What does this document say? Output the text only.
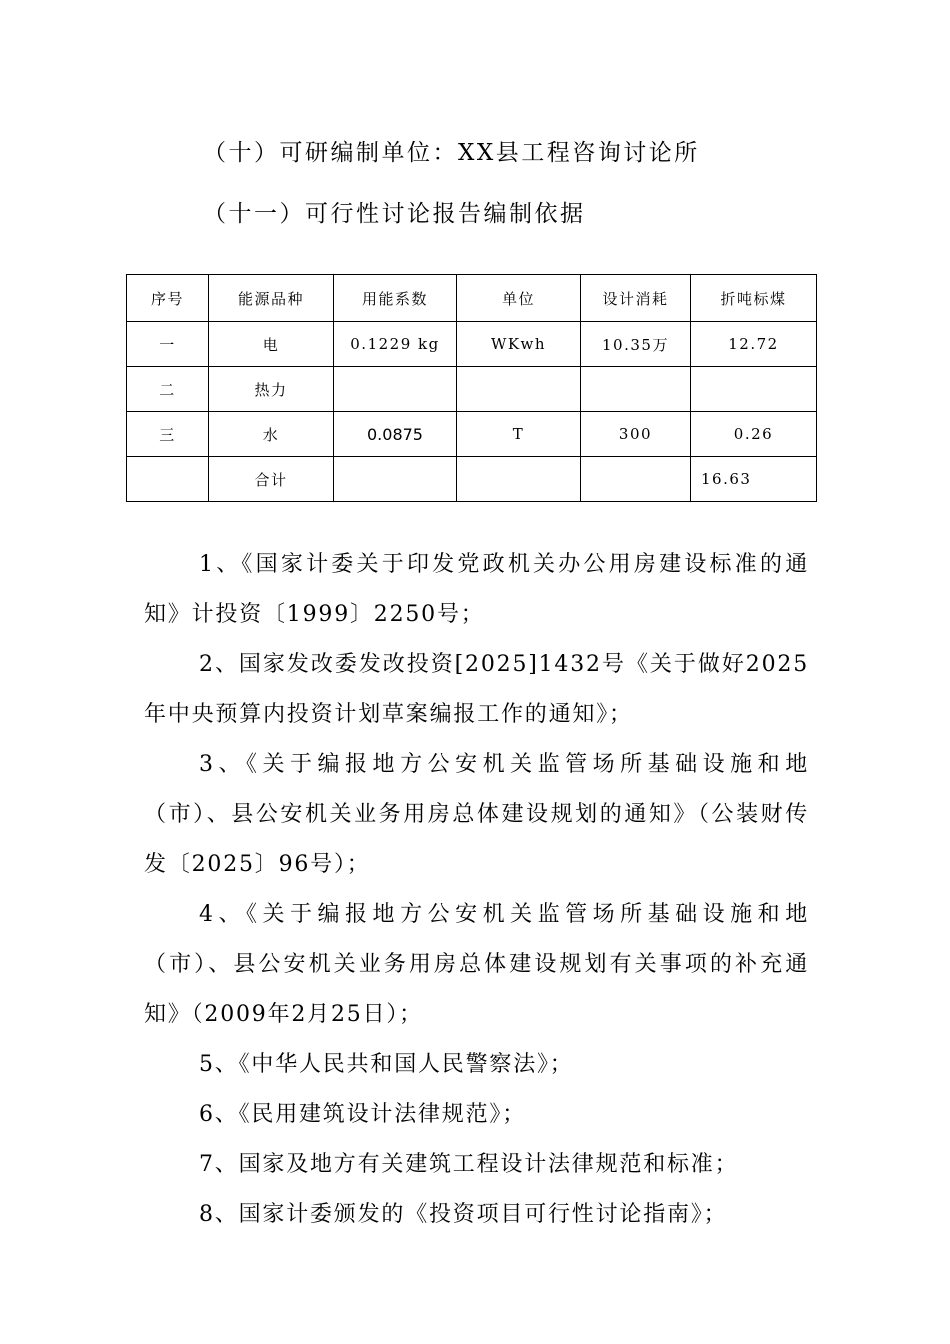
（十）可研编制单位：XX县工程咨询讨论所
（十一）可行性讨论报告编制依据
序号	能源品种	用能系数	单位	设计消耗	折吨标煤
一	电	0.1229 kg	WKwh	10.35万	12.72
二	热力				
三	水	0.0875	T	300	0.26
	合计				16.63

1、《国家计委关于印发党政机关办公用房建设标准的通知》计投资〔1999〕2250号；

2、国家发改委发改投资[2025]1432号《关于做好2025年中央预算内投资计划草案编报工作的通知》；

3、《关于编报地方公安机关监管场所基础设施和地（市）、县公安机关业务用房总体建设规划的通知》（公装财传发〔2025〕96号）；

4、《关于编报地方公安机关监管场所基础设施和地（市）、县公安机关业务用房总体建设规划有关事项的补充通知》（2009年2月25日）；

5、《中华人民共和国人民警察法》；

6、《民用建筑设计法律规范》；

7、国家及地方有关建筑工程设计法律规范和标准；

8、国家计委颁发的《投资项目可行性讨论指南》；
